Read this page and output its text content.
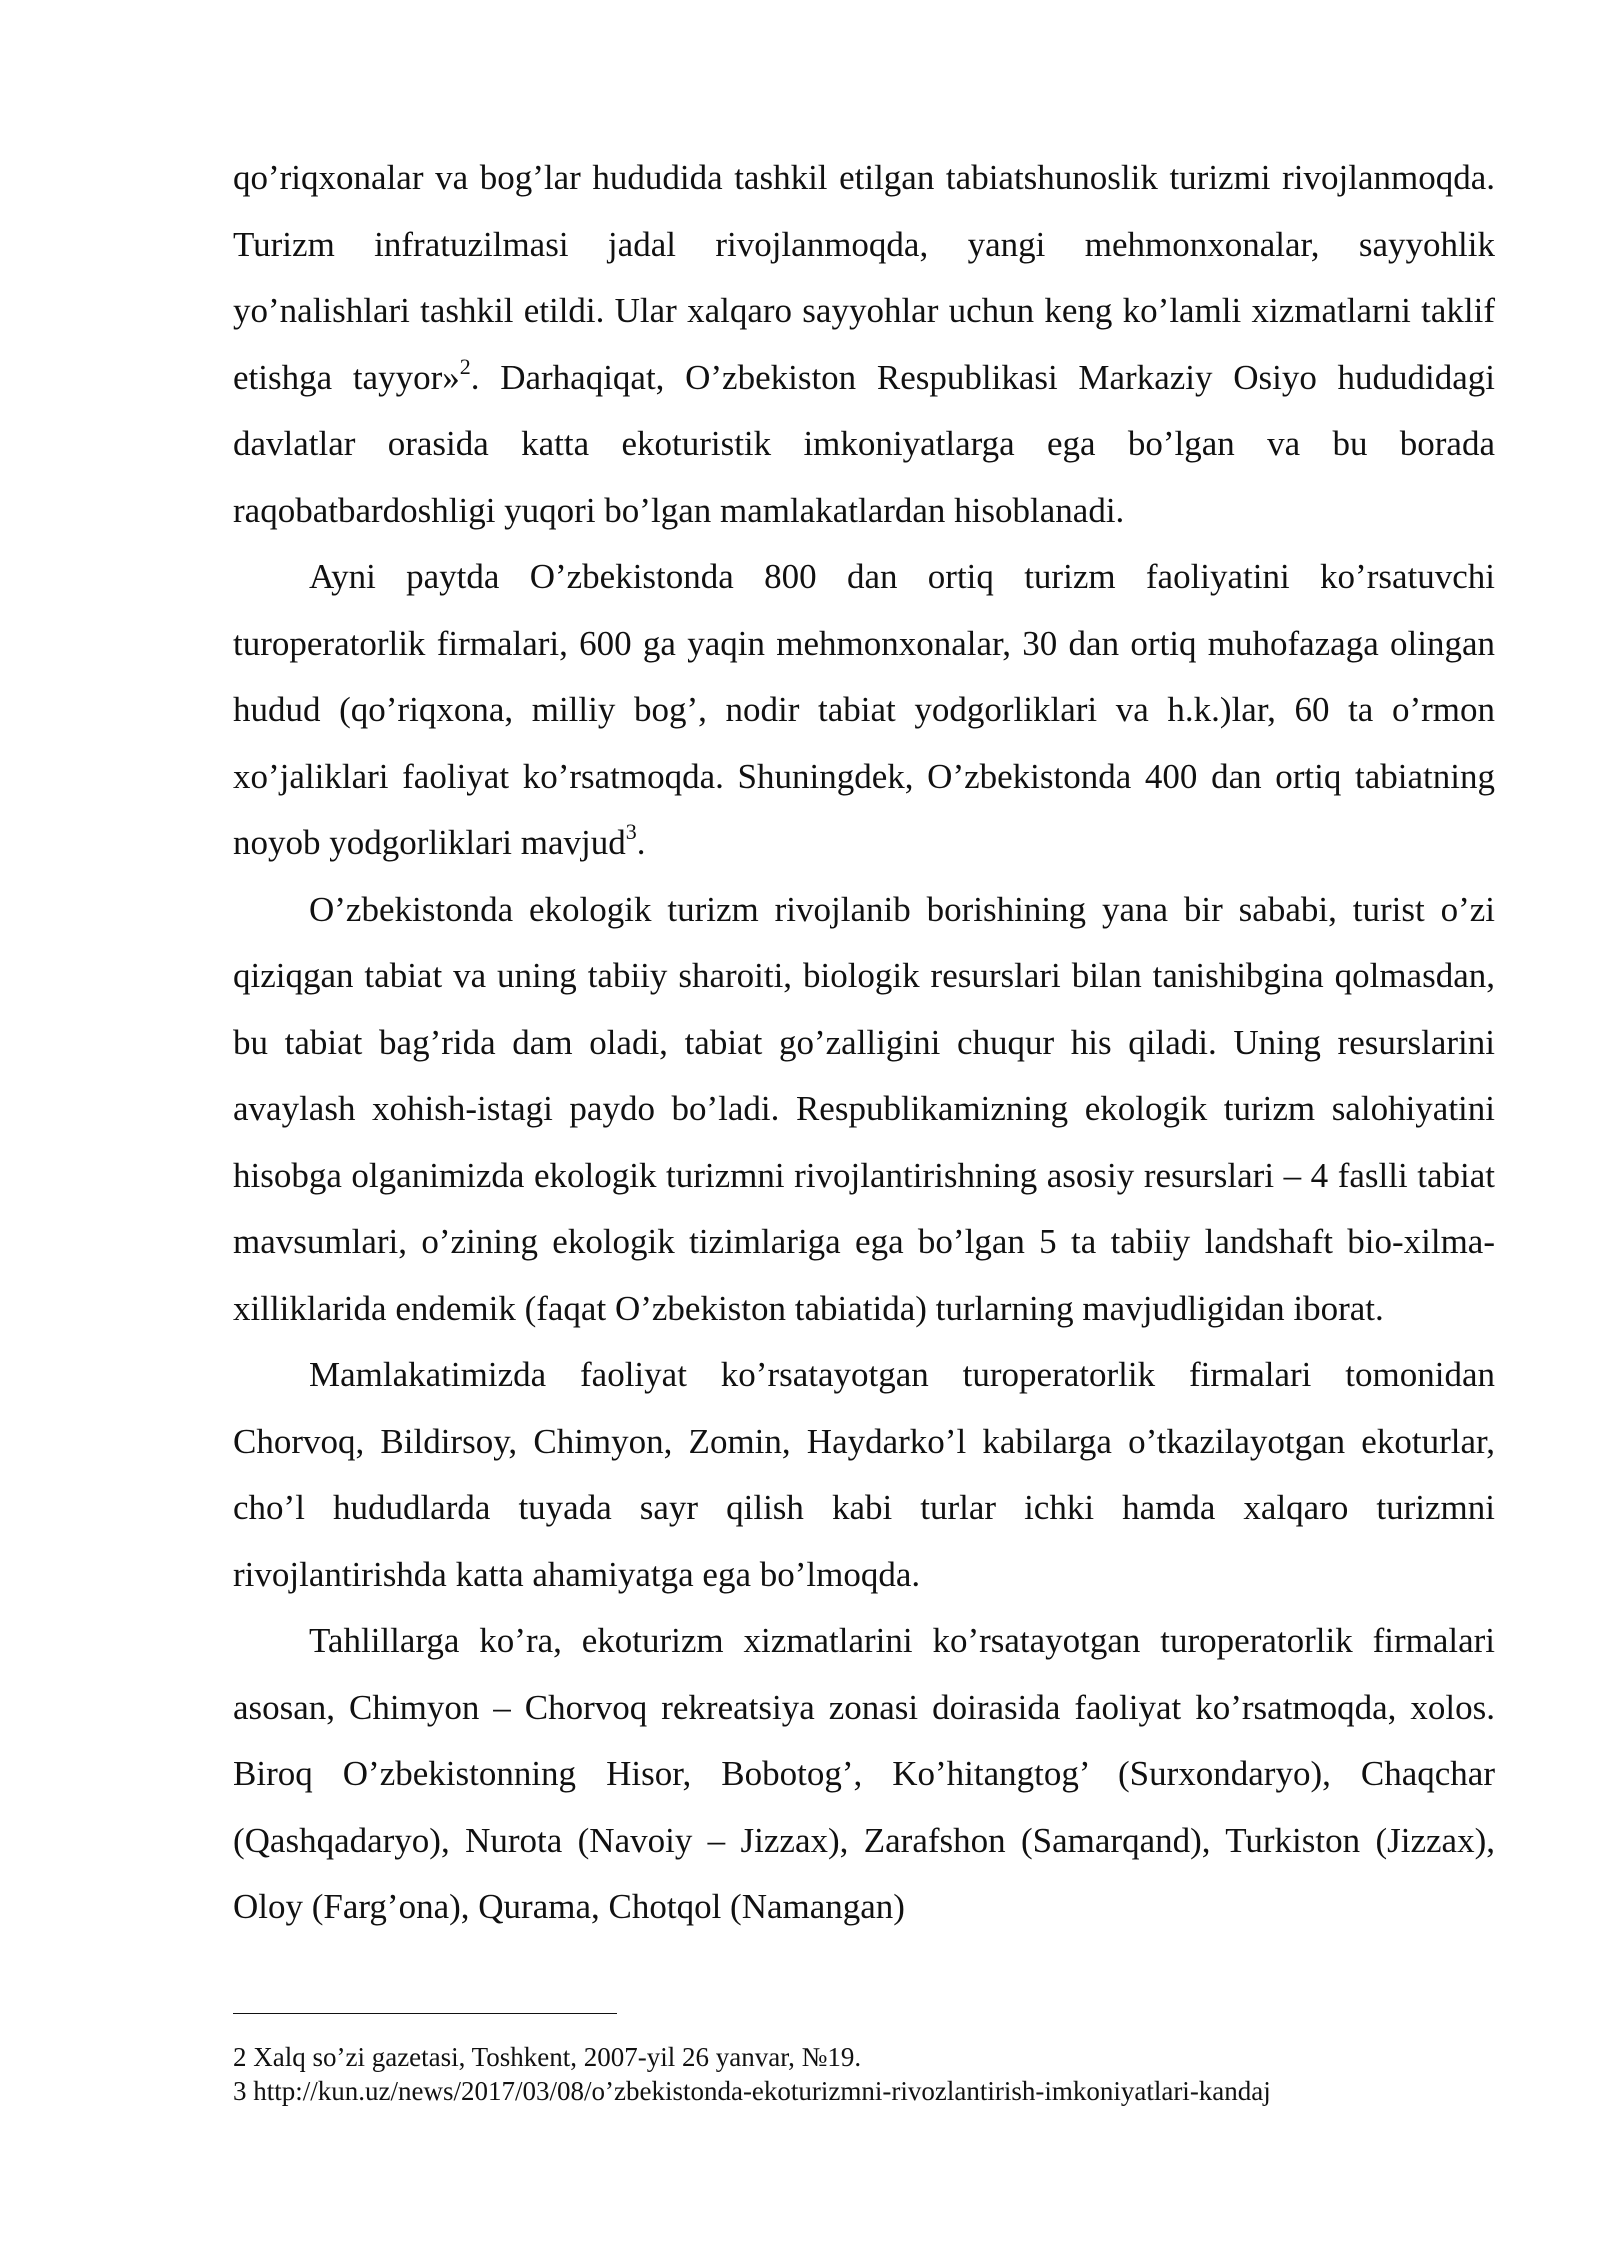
qo’riqxonalar va bog’lar hududida tashkil etilgan tabiatshunoslik turizmi rivojlanmoqda. Turizm infratuzilmasi jadal rivojlanmoqda, yangi mehmonxonalar, sayyohlik yo’nalishlari tashkil etildi. Ular xalqaro sayyohlar uchun keng ko’lamli xizmatlarni taklif etishga tayyor»$^2$. Darhaqiqat, O’zbekiston Respublikasi Markaziy Osiyo hududidagi davlatlar orasida katta ekoturistik imkoniyatlarga ega bo’lgan va bu borada raqobatbardoshligi yuqori bo’lgan mamlakatlardan hisoblanadi.

Ayni paytda O’zbekistonda 800 dan ortiq turizm faoliyatini ko’rsatuvchi turoperatorlik firmalari, 600 ga yaqin mehmonxonalar, 30 dan ortiq muhofazaga olingan hudud (qo’riqxona, milliy bog’, nodir tabiat yodgorliklari va h.k.)lar, 60 ta o’rmon xo’jaliklari faoliyat ko’rsatmoqda. Shuningdek, O’zbekistonda 400 dan ortiq tabiatning noyob yodgorliklari mavjud$^3$.

O’zbekistonda ekologik turizm rivojlanib borishining yana bir sababi, turist o’zi qiziqgan tabiat va uning tabiiy sharoiti, biologik resurslari bilan tanishibgina qolmasdan, bu tabiat bag’rida dam oladi, tabiat go’zalligini chuqur his qiladi. Uning resurslarini avaylash xohish-istagi paydo bo’ladi. Respublikamizning ekologik turizm salohiyatini hisobga olganimizda ekologik turizmni rivojlantirishning asosiy resurslari – 4 faslli tabiat mavsumlari, o’zining ekologik tizimlariga ega bo’lgan 5 ta tabiiy landshaft bio-xilma-xilliklarida endemik (faqat O’zbekiston tabiatida) turlarning mavjudligidan iborat.

Mamlakatimizda faoliyat ko’rsatayotgan turoperatorlik firmalari tomonidan Chorvoq, Bildirsoy, Chimyon, Zomin, Haydarko’l kabilarga o’tkazilayotgan ekoturlar, cho’l hududlarda tuyada sayr qilish kabi turlar ichki hamda xalqaro turizmni rivojlantirishda katta ahamiyatga ega bo’lmoqda.

Tahlillarga ko’ra, ekoturizm xizmatlarini ko’rsatayotgan turoperatorlik firmalari asosan, Chimyon – Chorvoq rekreatsiya zonasi doirasida faoliyat ko’rsatmoqda, xolos. Biroq O’zbekistonning Hisor, Bobotog’, Ko’hitangtog’ (Surxondaryo), Chaqchar (Qashqadaryo), Nurota (Navoiy – Jizzax), Zarafshon (Samarqand), Turkiston (Jizzax), Oloy (Farg’ona), Qurama, Chotqol (Namangan)

2 Xalq so’zi gazetasi, Toshkent, 2007-yil 26 yanvar, №19.
3 http://kun.uz/news/2017/03/08/o’zbekistonda-ekoturizmni-rivozlantirish-imkoniyatlari-kandaj
